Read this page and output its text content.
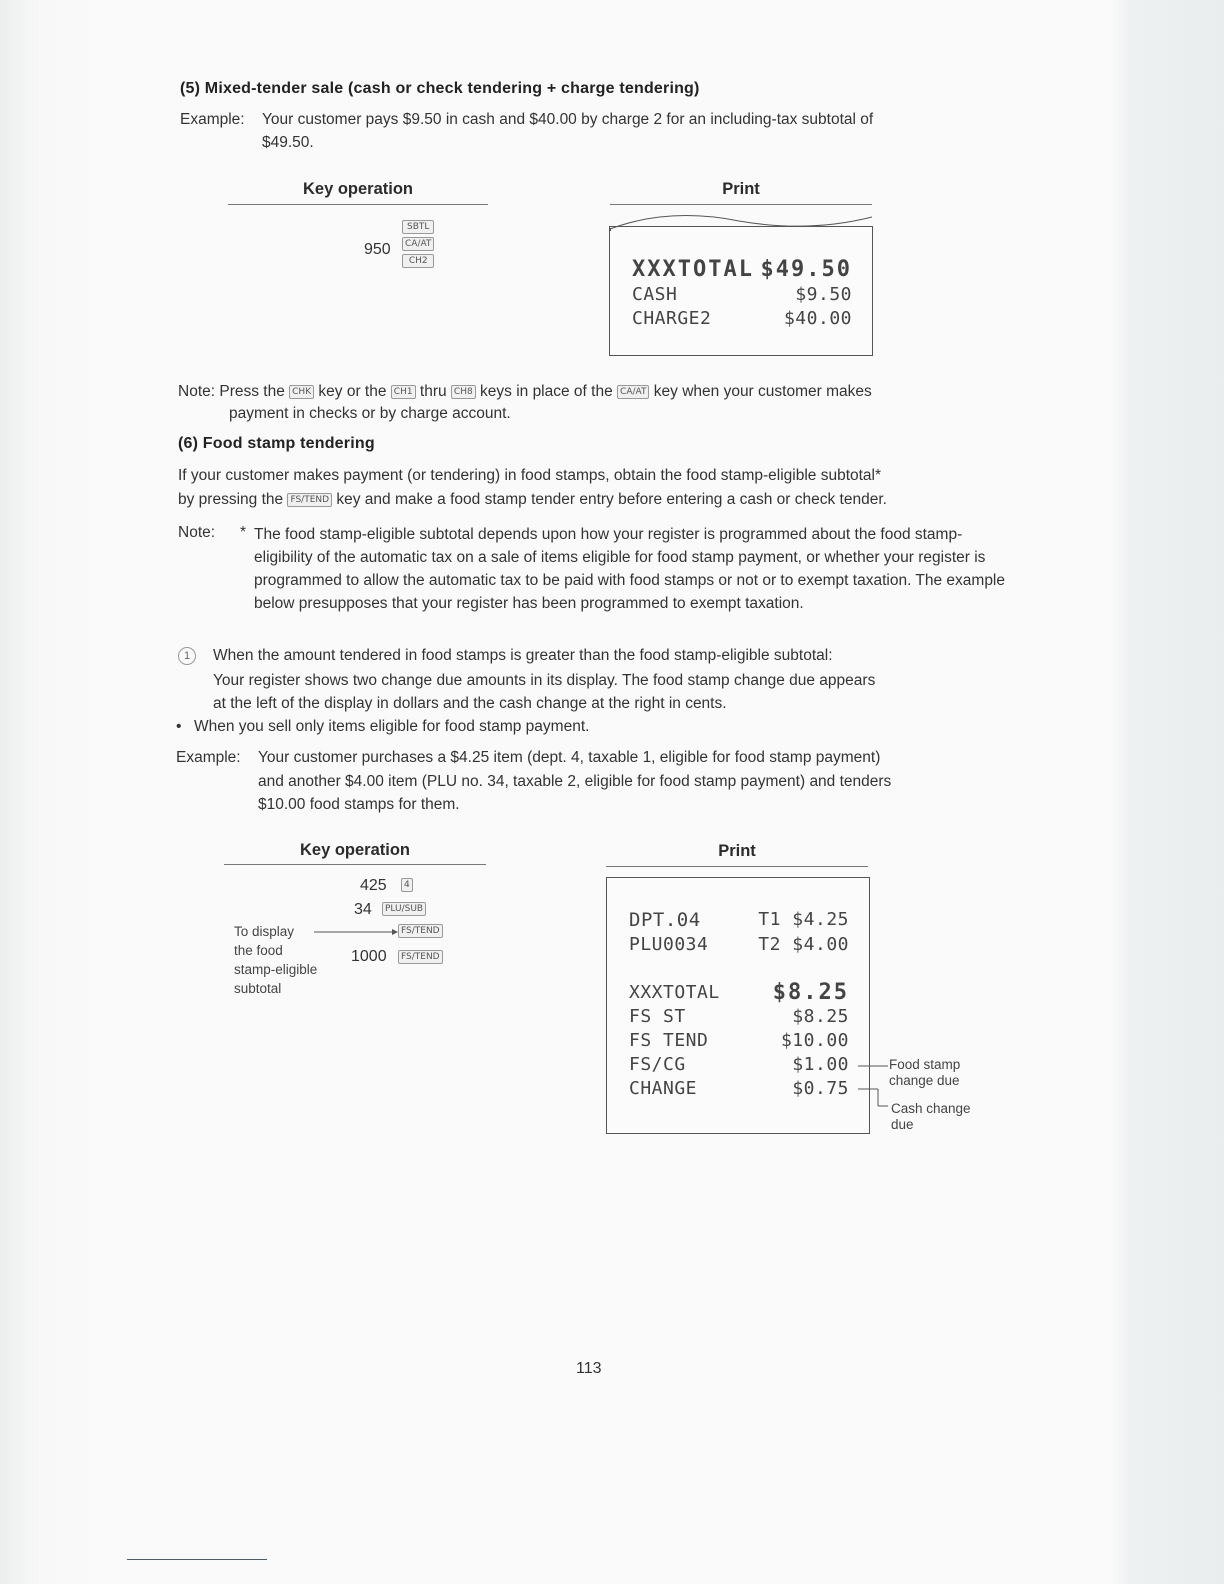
(5) Mixed-tender sale (cash or check tendering + charge tendering)
Example: Your customer pays $9.50 in cash and $40.00 by charge 2 for an including-tax subtotal of
$49.50.
Key operation	Print
950
SBTL
CA/AT
CH2	XXXTOTAL $49.50
CASH	$9.50
CHARGE2	$40.00
Note: Press the CHK key or the CH1 thru CH8 keys in place of the CA/AT key when your customer makes
payment in checks or by charge account.
(6) Food stamp tendering
If your customer makes payment (or tendering) in food stamps, obtain the food stamp-eligible subtotal*
by pressing the FS/TEND key and make a food stamp tender entry before entering a cash or check tender.
Note: * The food stamp-eligible subtotal depends upon how your register is programmed about the food stamp-eligibility of the automatic tax on a sale of items eligible for food stamp payment, or whether your register is programmed to allow the automatic tax to be paid with food stamps or not or to exempt taxation. The example below presupposes that your register has been programmed to exempt taxation.
1	When the amount tendered in food stamps is greater than the food stamp-eligible subtotal:
Your register shows two change due amounts in its display. The food stamp change due appears
at the left of the display in dollars and the cash change at the right in cents.
• When you sell only items eligible for food stamp payment.
Example: Your customer purchases a $4.25 item (dept. 4, taxable 1, eligible for food stamp payment)
and another $4.00 item (PLU no. 34, taxable 2, eligible for food stamp payment) and tenders
$10.00 food stamps for them.
Key operation	Print
425	4
34	PLU/SUB
FS/TEND
1000	FS/TEND
To display
the food
stamp-eligible
subtotal
DPT.04	T1 $4.25
PLU0034	T2 $4.00
XXXTOTAL $8.25
FS ST	$8.25
FS TEND	$10.00
FS/CG	$1.00
CHANGE	$0.75
Food stamp
change due
Cash change
due
113
